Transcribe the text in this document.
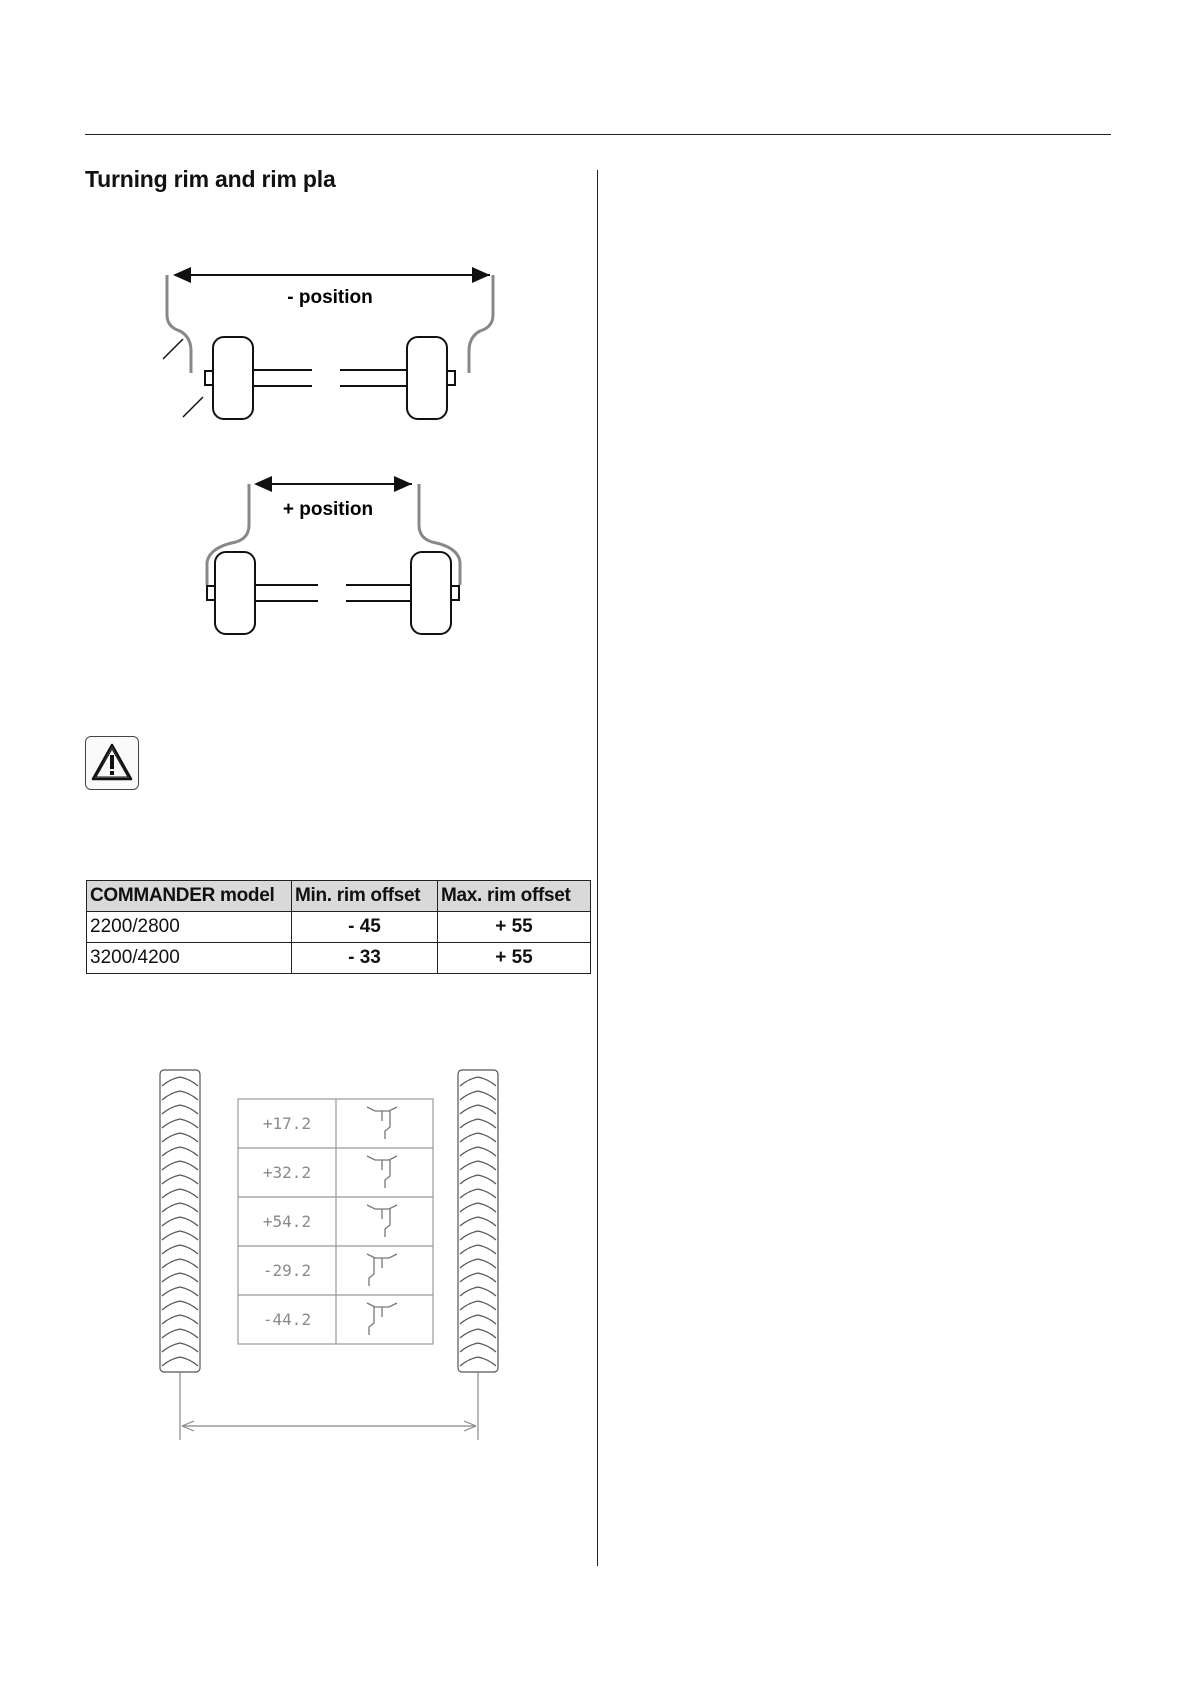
Turning rim and rim pla
- position
+ position
COMMANDER model	Min. rim offset	Max. rim offset
2200/2800	- 45	+ 55
3200/4200	- 33	+ 55
+17.2
+32.2
+54.2
-29.2
-44.2
